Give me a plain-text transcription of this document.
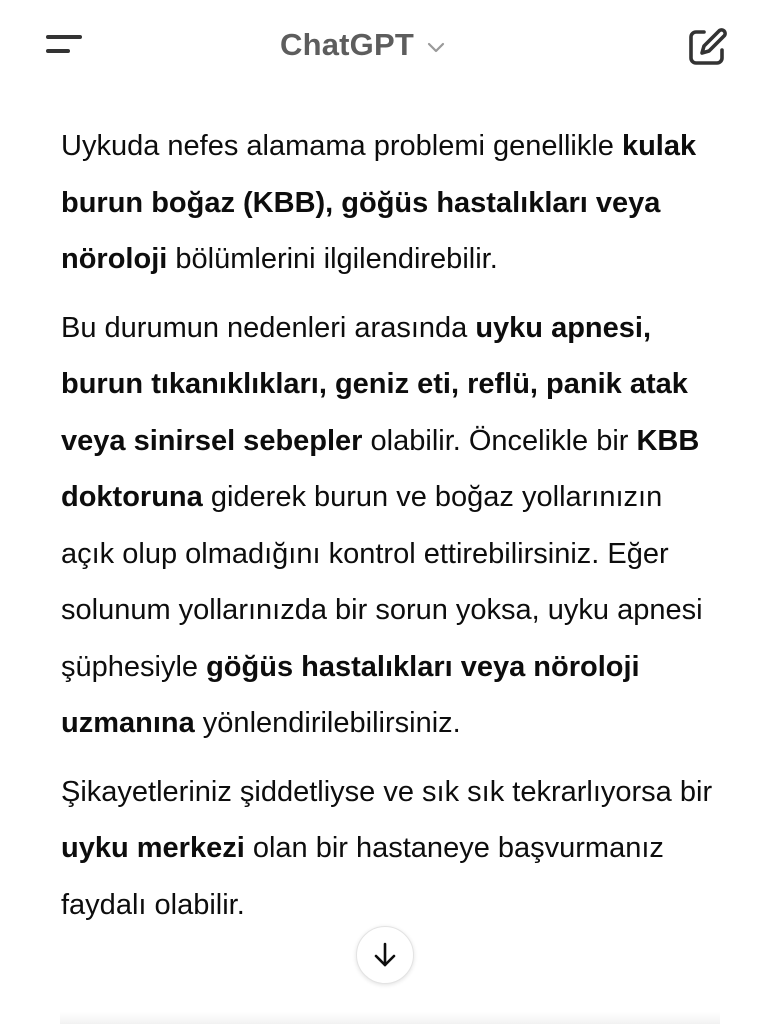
ChatGPT

Uykuda nefes alamama problemi genellikle kulak burun boğaz (KBB), göğüs hastalıkları veya nöroloji bölümlerini ilgilendirebilir.

Bu durumun nedenleri arasında uyku apnesi, burun tıkanıklıkları, geniz eti, reflü, panik atak veya sinirsel sebepler olabilir. Öncelikle bir KBB doktoruna giderek burun ve boğaz yollarınızın açık olup olmadığını kontrol ettirebilirsiniz. Eğer solunum yollarınızda bir sorun yoksa, uyku apnesi şüphesiyle göğüs hastalıkları veya nöroloji uzmanına yönlendirilebilirsiniz.

Şikayetleriniz şiddetliyse ve sık sık tekrarlıyorsa bir uyku merkezi olan bir hastaneye başvurmanız faydalı olabilir.
